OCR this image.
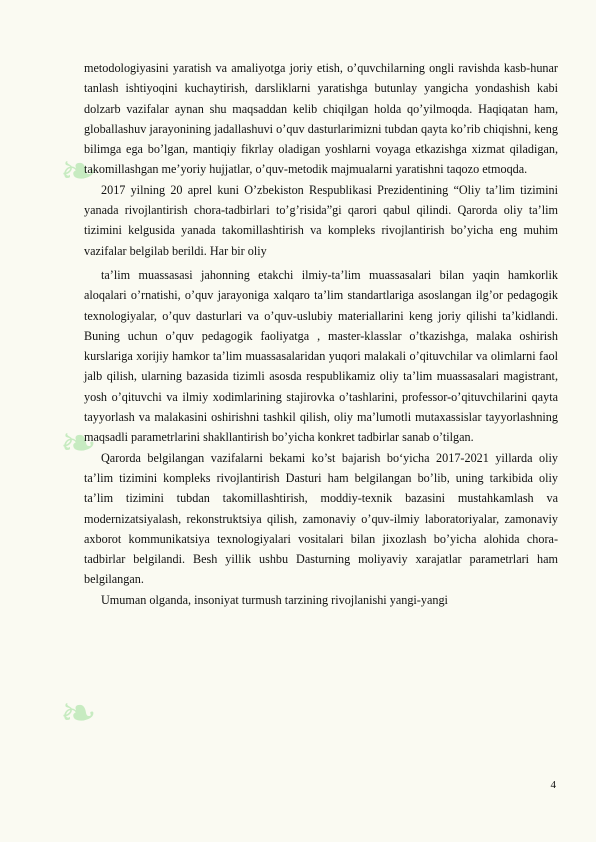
❧
❧
❧

metodologiyasini yaratish va amaliyotga joriy etish, o’quvchilarning ongli ravishda kasb-hunar tanlash ishtiyoqini kuchaytirish, darsliklarni yaratishga butunlay yangicha yondashish kabi dolzarb vazifalar aynan shu maqsaddan kelib chiqilgan holda qo’yilmoqda. Haqiqatan ham, globallashuv jarayonining jadallashuvi o’quv dasturlarimizni tubdan qayta ko’rib chiqishni, keng bilimga ega bo’lgan, mantiqiy fikrlay oladigan yoshlarni voyaga etkazishga xizmat qiladigan, takomillashgan me’yoriy hujjatlar, o’quv-metodik majmualarni yaratishni taqozo etmoqda.

2017 yilning 20 aprel kuni O’zbekiston Respublikasi Prezidentining “Oliy ta’lim tizimini yanada rivojlantirish chora-tadbirlari to’g’risida”gi qarori qabul qilindi. Qarorda oliy ta’lim tizimini kelgusida yanada takomillashtirish va kompleks rivojlantirish bo’yicha eng muhim vazifalar belgilab berildi. Har bir oliy

ta’lim muassasasi jahonning etakchi ilmiy-ta’lim muassasalari bilan yaqin hamkorlik aloqalari o’rnatishi, o’quv jarayoniga xalqaro ta’lim standartlariga asoslangan ilg’or pedagogik texnologiyalar, o’quv dasturlari va o’quv-uslubiy materiallarini keng joriy qilishi ta’kidlandi. Buning uchun o’quv pedagogik faoliyatga , master-klasslar o’tkazishga, malaka oshirish kurslariga xorijiy hamkor ta’lim muassasalaridan yuqori malakali o’qituvchilar va olimlarni faol jalb qilish, ularning bazasida tizimli asosda respublikamiz oliy ta’lim muassasalari magistrant, yosh o’qituvchi va ilmiy xodimlarining stajirovka o’tashlarini, professor-o’qituvchilarini qayta tayyorlash va malakasini oshirishni tashkil qilish, oliy ma’lumotli mutaxassislar tayyorlashning maqsadli parametrlarini shakllantirish bo’yicha konkret tadbirlar sanab o’tilgan.

Qarorda belgilangan vazifalarni bekami ko’st bajarish bo‘yicha 2017-2021 yillarda oliy ta’lim tizimini kompleks rivojlantirish Dasturi ham belgilangan bo’lib, uning tarkibida oliy ta’lim tizimini tubdan takomillashtirish, moddiy-texnik bazasini mustahkamlash va modernizatsiyalash, rekonstruktsiya qilish, zamonaviy o’quv-ilmiy laboratoriyalar, zamonaviy axborot kommunikatsiya texnologiyalari vositalari bilan jixozlash bo’yicha alohida chora-tadbirlar belgilandi. Besh yillik ushbu Dasturning moliyaviy xarajatlar parametrlari ham belgilangan.

Umuman olganda, insoniyat turmush tarzining rivojlanishi yangi-yangi

4
